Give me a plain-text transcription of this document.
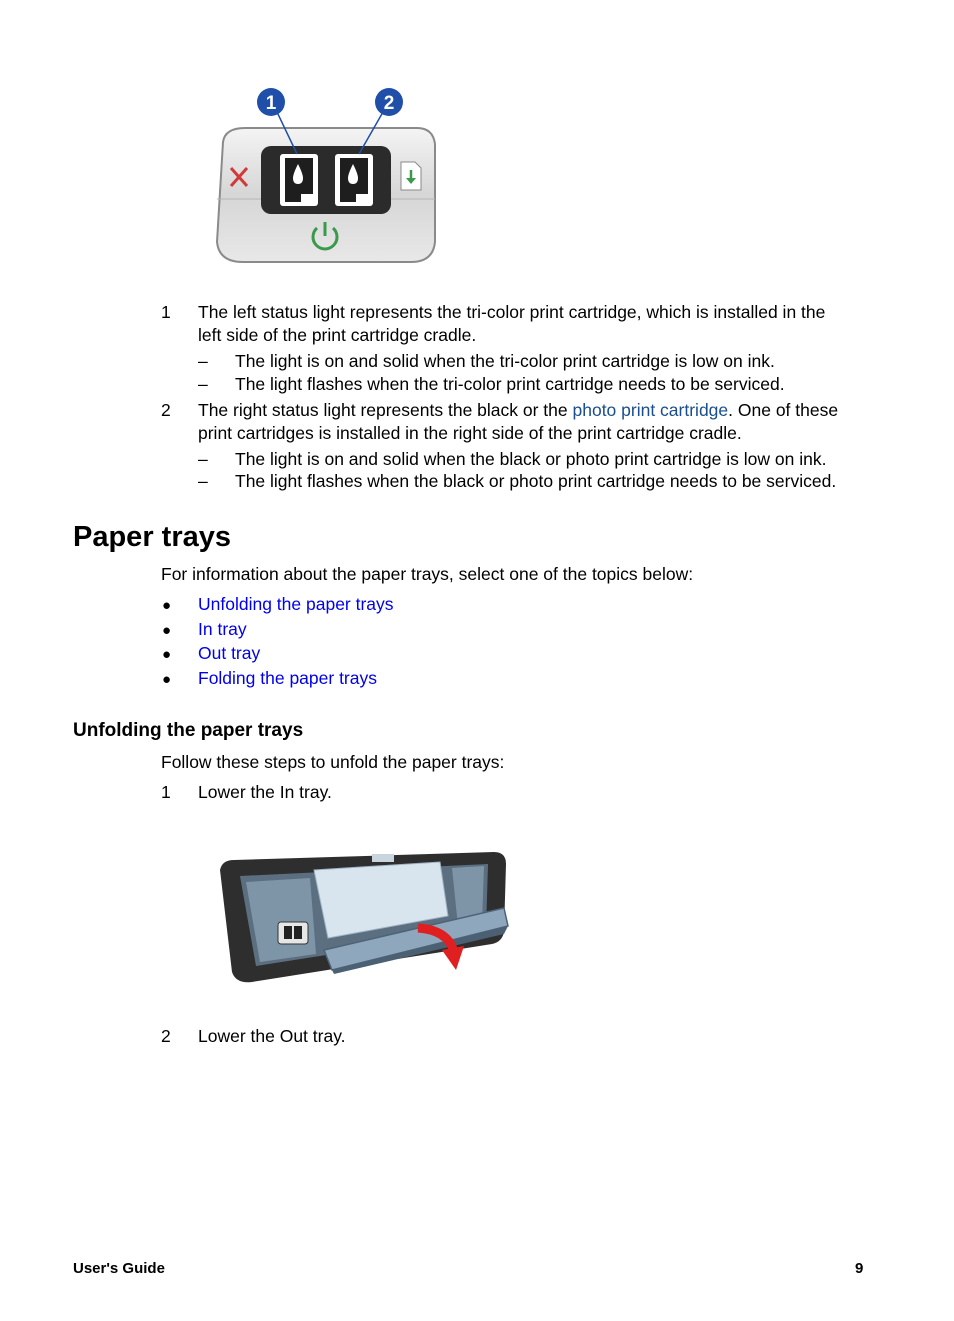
1	2
1 The left status light represents the tri-color print cartridge, which is installed in the
left side of the print cartridge cradle.
– The light is on and solid when the tri-color print cartridge is low on ink.
– The light flashes when the tri-color print cartridge needs to be serviced.
2 The right status light represents the black or the photo print cartridge. One of these
print cartridges is installed in the right side of the print cartridge cradle.
– The light is on and solid when the black or photo print cartridge is low on ink.
– The light flashes when the black or photo print cartridge needs to be serviced.
Paper trays
For information about the paper trays, select one of the topics below:
● Unfolding the paper trays
● In tray
● Out tray
● Folding the paper trays
Unfolding the paper trays
Follow these steps to unfold the paper trays:
1 Lower the In tray.
2 Lower the Out tray.
User's Guide	9
